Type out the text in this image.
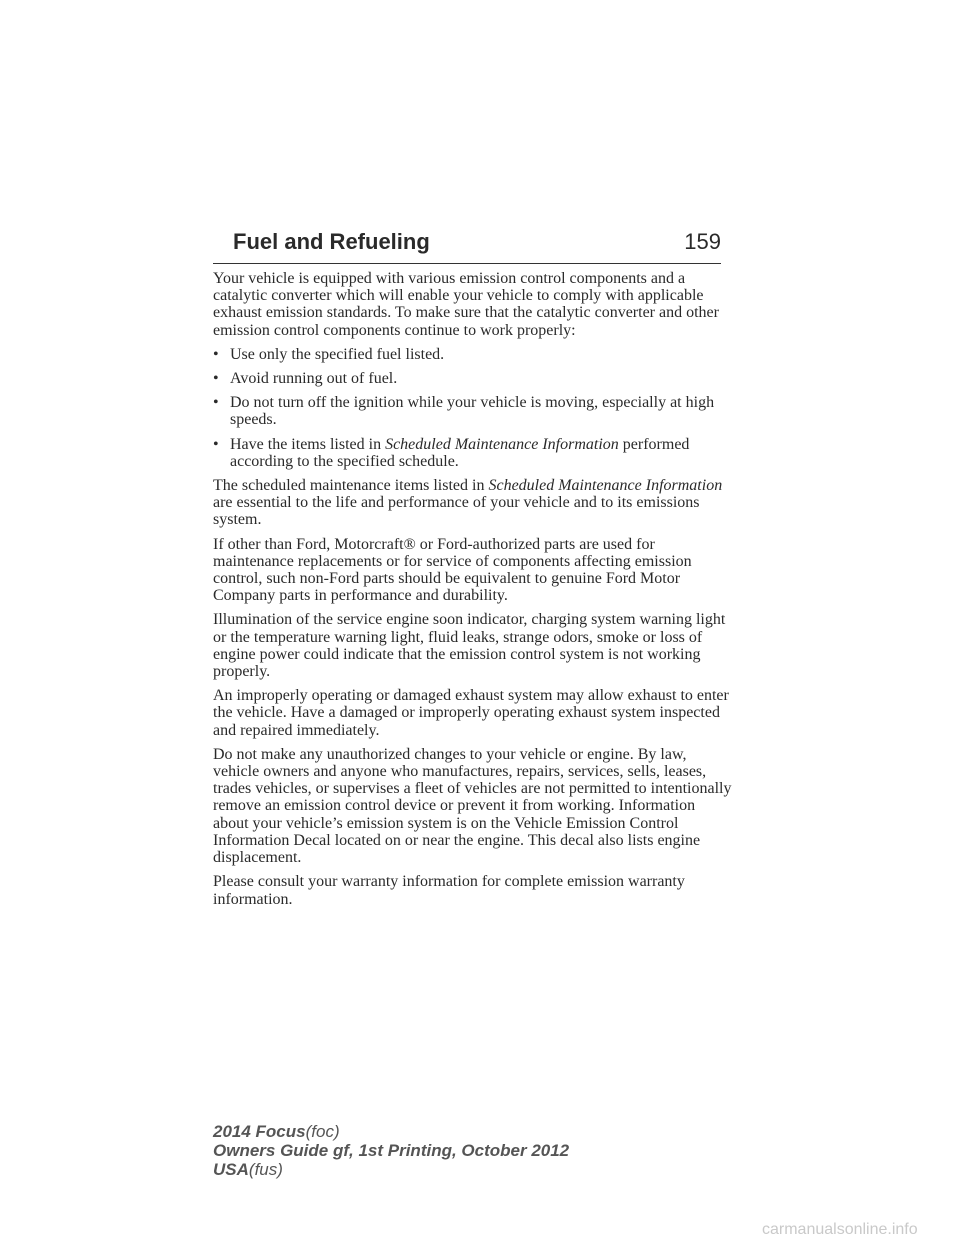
Fuel and Refueling	159

Your vehicle is equipped with various emission control components and a catalytic converter which will enable your vehicle to comply with applicable exhaust emission standards. To make sure that the catalytic converter and other emission control components continue to work properly:

• Use only the specified fuel listed.
• Avoid running out of fuel.
• Do not turn off the ignition while your vehicle is moving, especially at high speeds.
• Have the items listed in Scheduled Maintenance Information performed according to the specified schedule.

The scheduled maintenance items listed in Scheduled Maintenance Information are essential to the life and performance of your vehicle and to its emissions system.

If other than Ford, Motorcraft® or Ford-authorized parts are used for maintenance replacements or for service of components affecting emission control, such non-Ford parts should be equivalent to genuine Ford Motor Company parts in performance and durability.

Illumination of the service engine soon indicator, charging system warning light or the temperature warning light, fluid leaks, strange odors, smoke or loss of engine power could indicate that the emission control system is not working properly.

An improperly operating or damaged exhaust system may allow exhaust to enter the vehicle. Have a damaged or improperly operating exhaust system inspected and repaired immediately.

Do not make any unauthorized changes to your vehicle or engine. By law, vehicle owners and anyone who manufactures, repairs, services, sells, leases, trades vehicles, or supervises a fleet of vehicles are not permitted to intentionally remove an emission control device or prevent it from working. Information about your vehicle’s emission system is on the Vehicle Emission Control Information Decal located on or near the engine. This decal also lists engine displacement.

Please consult your warranty information for complete emission warranty information.

2014 Focus(foc)
Owners Guide gf, 1st Printing, October 2012
USA(fus)
carmanualsonline.info
